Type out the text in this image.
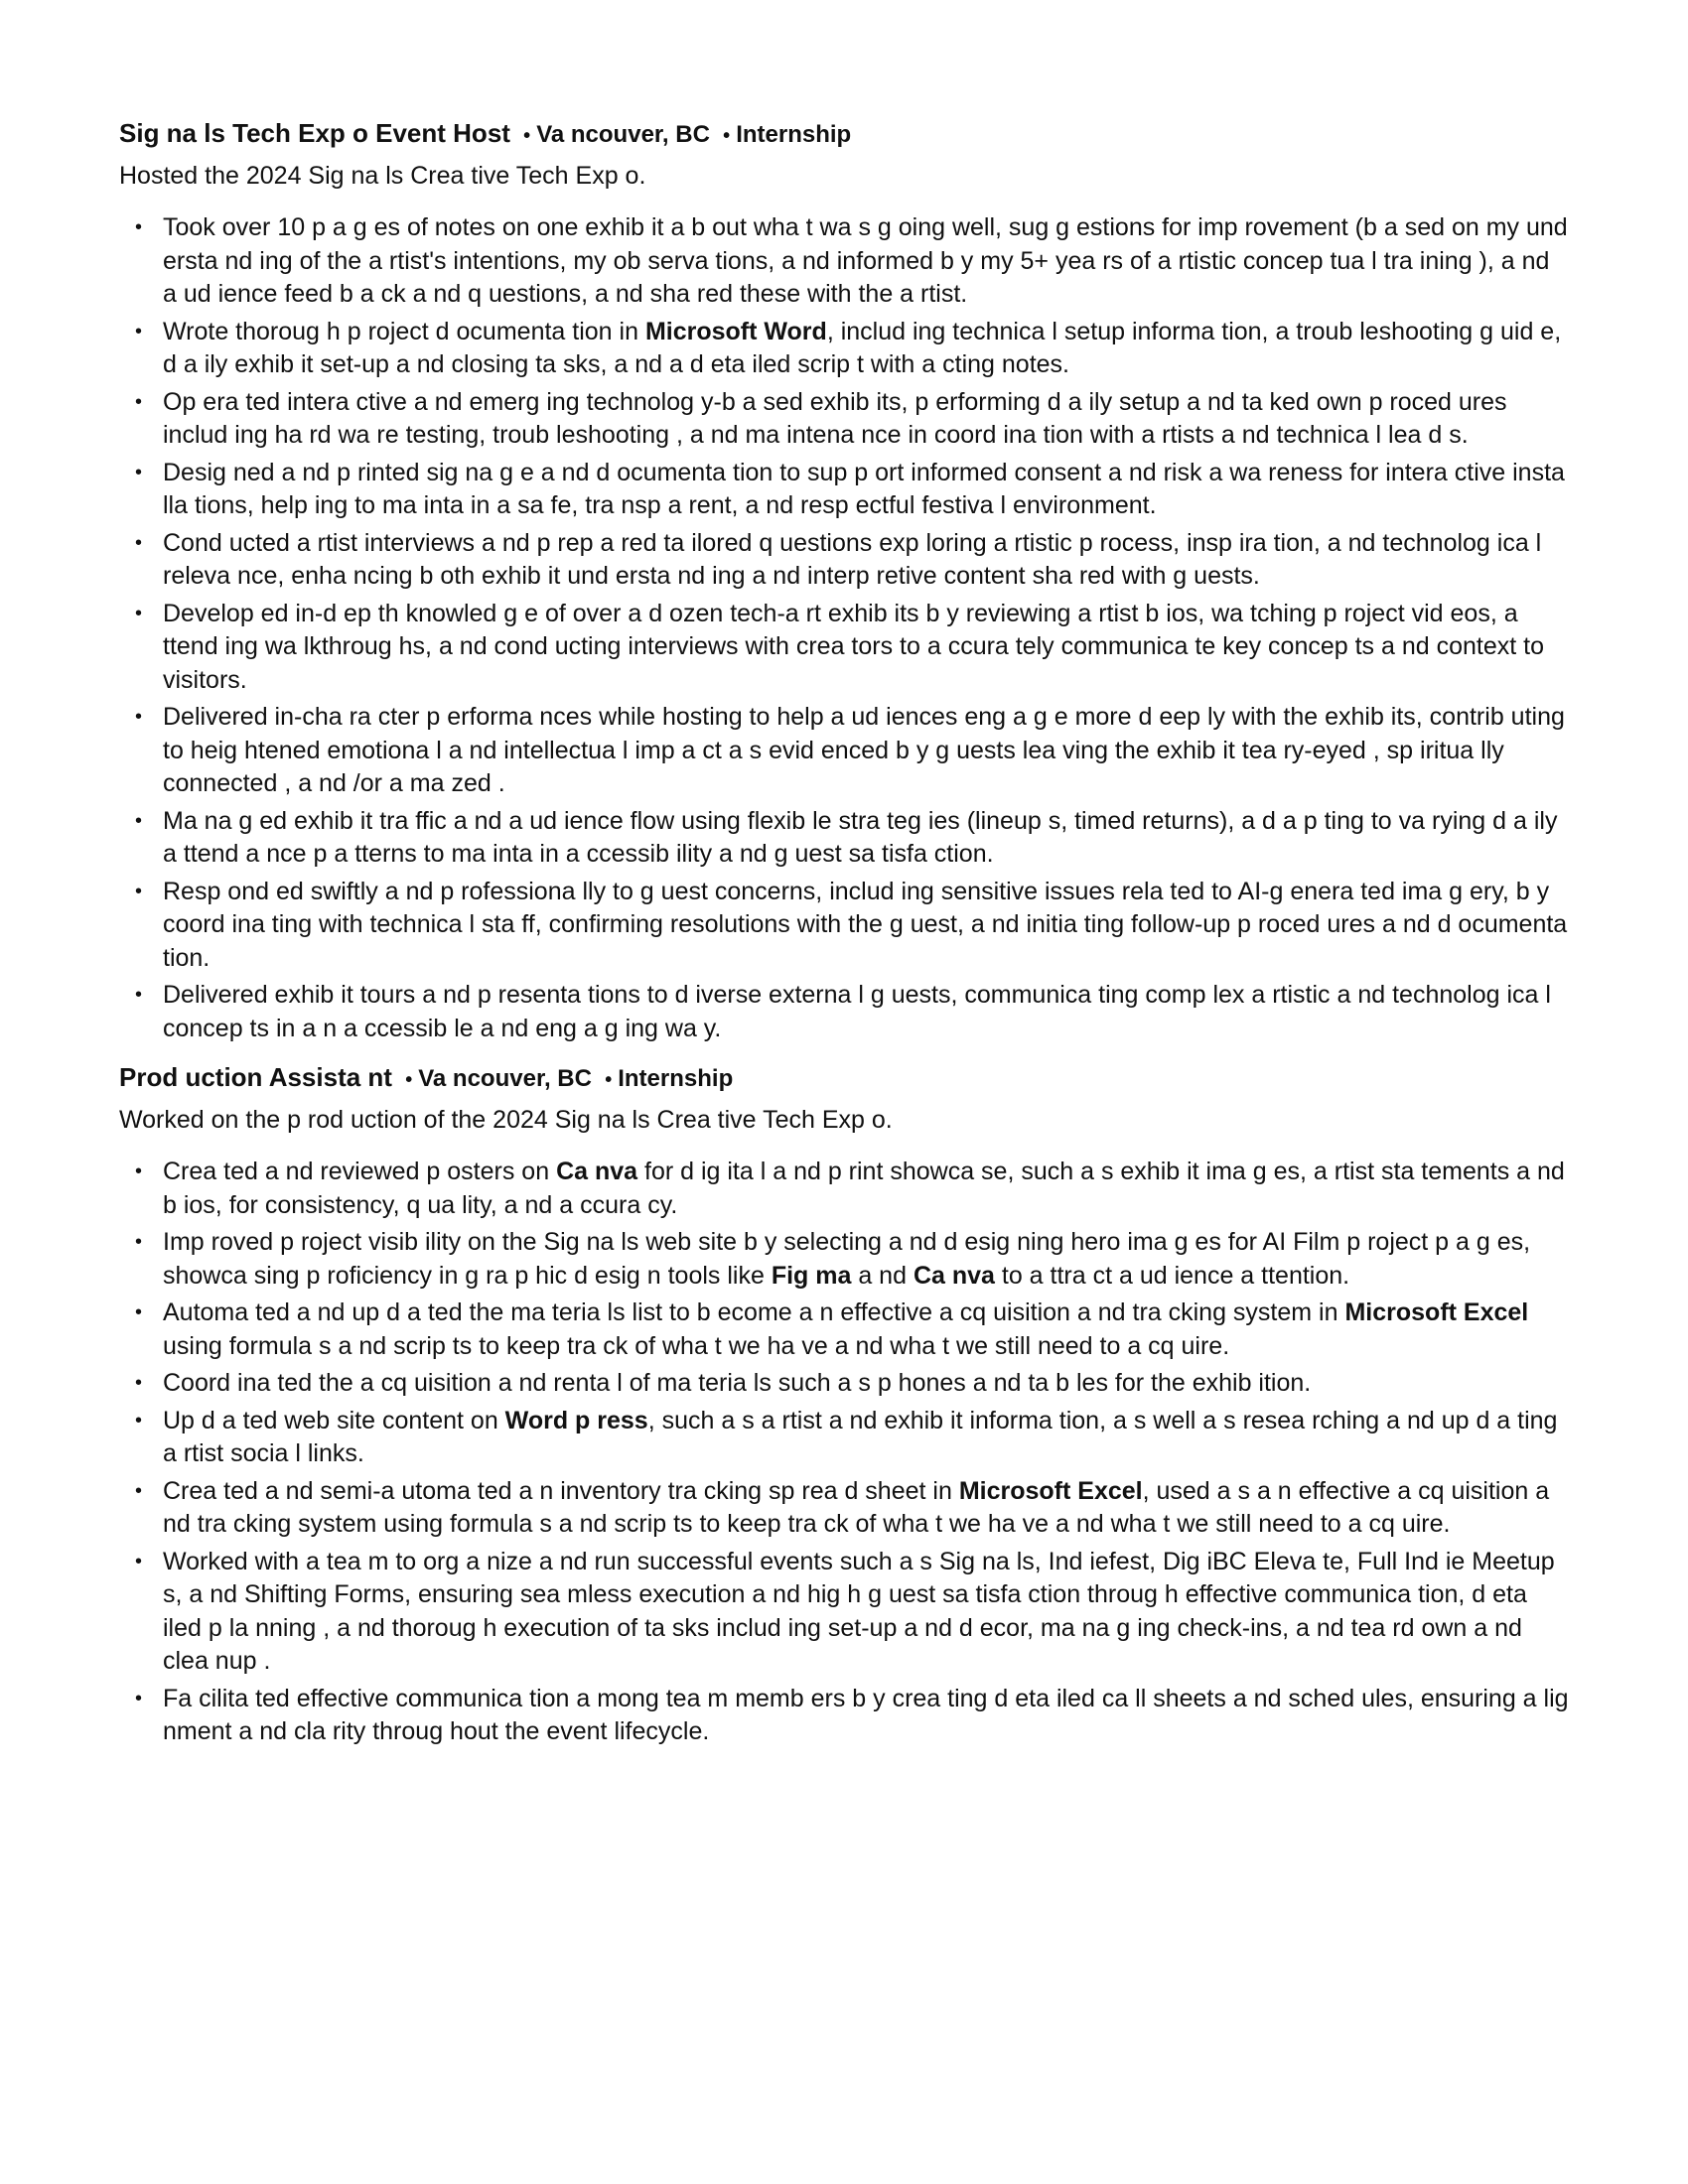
Sig na ls Tech Exp o Event Host • Va ncouver, BC • Internship

Hosted the 2024 Sig na ls Crea tive Tech Exp o.

• Took over 10 p a g es of notes on one exhib it a b out wha t wa s g oing well, sug g estions for imp rovement (b a sed on my und ersta nd ing of the a rtist's intentions, my ob serva tions, a nd informed b y my 5+ yea rs of a rtistic concep tua l tra ining ), a nd a ud ience feed b a ck a nd q uestions, a nd sha red these with the a rtist.
• Wrote thoroug h p roject d ocumenta tion in Microsoft Word, includ ing technica l setup informa tion, a troub leshooting g uid e, d a ily exhib it set-up a nd closing ta sks, a nd a d eta iled scrip t with a cting notes.
• Op era ted intera ctive a nd emerg ing technolog y-b a sed exhib its, p erforming d a ily setup a nd ta ked own p roced ures includ ing ha rd wa re testing, troub leshooting , a nd ma intena nce in coord ina tion with a rtists a nd technica l lea d s.
• Desig ned a nd p rinted sig na g e a nd d ocumenta tion to sup p ort informed consent a nd risk a wa reness for intera ctive insta lla tions, help ing to ma inta in a sa fe, tra nsp a rent, a nd resp ectful festiva l environment.
• Cond ucted a rtist interviews a nd p rep a red ta ilored q uestions exp loring a rtistic p rocess, insp ira tion, a nd technolog ica l releva nce, enha ncing b oth exhib it und ersta nd ing a nd interp retive content sha red with g uests.
• Develop ed in-d ep th knowled g e of over a d ozen tech-a rt exhib its b y reviewing a rtist b ios, wa tching p roject vid eos, a ttend ing wa lkthroug hs, a nd cond ucting interviews with crea tors to a ccura tely communica te key concep ts a nd context to visitors.
• Delivered in-cha ra cter p erforma nces while hosting to help a ud iences eng a g e more d eep ly with the exhib its, contrib uting to heig htened emotiona l a nd intellectua l imp a ct a s evid enced b y g uests lea ving the exhib it tea ry-eyed , sp iritua lly connected , a nd /or a ma zed .
• Ma na g ed exhib it tra ffic a nd a ud ience flow using flexib le stra teg ies (lineup s, timed returns), a d a p ting to va rying d a ily a ttend a nce p a tterns to ma inta in a ccessib ility a nd g uest sa tisfa ction.
• Resp ond ed swiftly a nd p rofessiona lly to g uest concerns, includ ing sensitive issues rela ted to AI-g enera ted ima g ery, b y coord ina ting with technica l sta ff, confirming resolutions with the g uest, a nd initia ting follow-up p roced ures a nd d ocumenta tion.
• Delivered exhib it tours a nd p resenta tions to d iverse externa l g uests, communica ting comp lex a rtistic a nd technolog ica l concep ts in a n a ccessib le a nd eng a g ing wa y.
Prod uction Assista nt • Va ncouver, BC • Internship

Worked on the p rod uction of the 2024 Sig na ls Crea tive Tech Exp o.

• Crea ted a nd reviewed p osters on Ca nva for d ig ita l a nd p rint showca se, such a s exhib it ima g es, a rtist sta tements a nd b ios, for consistency, q ua lity, a nd a ccura cy.
• Imp roved p roject visib ility on the Sig na ls web site b y selecting a nd d esig ning hero ima g es for AI Film p roject p a g es, showca sing p roficiency in g ra p hic d esig n tools like Fig ma a nd Ca nva to a ttra ct a ud ience a ttention.
• Automa ted a nd up d a ted the ma teria ls list to b ecome a n effective a cq uisition a nd tra cking system in Microsoft Excel using formula s a nd scrip ts to keep tra ck of wha t we ha ve a nd wha t we still need to a cq uire.
• Coord ina ted the a cq uisition a nd renta l of ma teria ls such a s p hones a nd ta b les for the exhib ition.
• Up d a ted web site content on Word p ress, such a s a rtist a nd exhib it informa tion, a s well a s resea rching a nd up d a ting a rtist socia l links.
• Crea ted a nd semi-a utoma ted a n inventory tra cking sp rea d sheet in Microsoft Excel, used a s a n effective a cq uisition a nd tra cking system using formula s a nd scrip ts to keep tra ck of wha t we ha ve a nd wha t we still need to a cq uire.
• Worked with a tea m to org a nize a nd run successful events such a s Sig na ls, Ind iefest, Dig iBC Eleva te, Full Ind ie Meetup s, a nd Shifting Forms, ensuring sea mless execution a nd hig h g uest sa tisfa ction throug h effective communica tion, d eta iled p la nning , a nd thoroug h execution of ta sks includ ing set-up a nd d ecor, ma na g ing check-ins, a nd tea rd own a nd clea nup .
• Fa cilita ted effective communica tion a mong tea m memb ers b y crea ting d eta iled ca ll sheets a nd sched ules, ensuring a lig nment a nd cla rity throug hout the event lifecycle.
